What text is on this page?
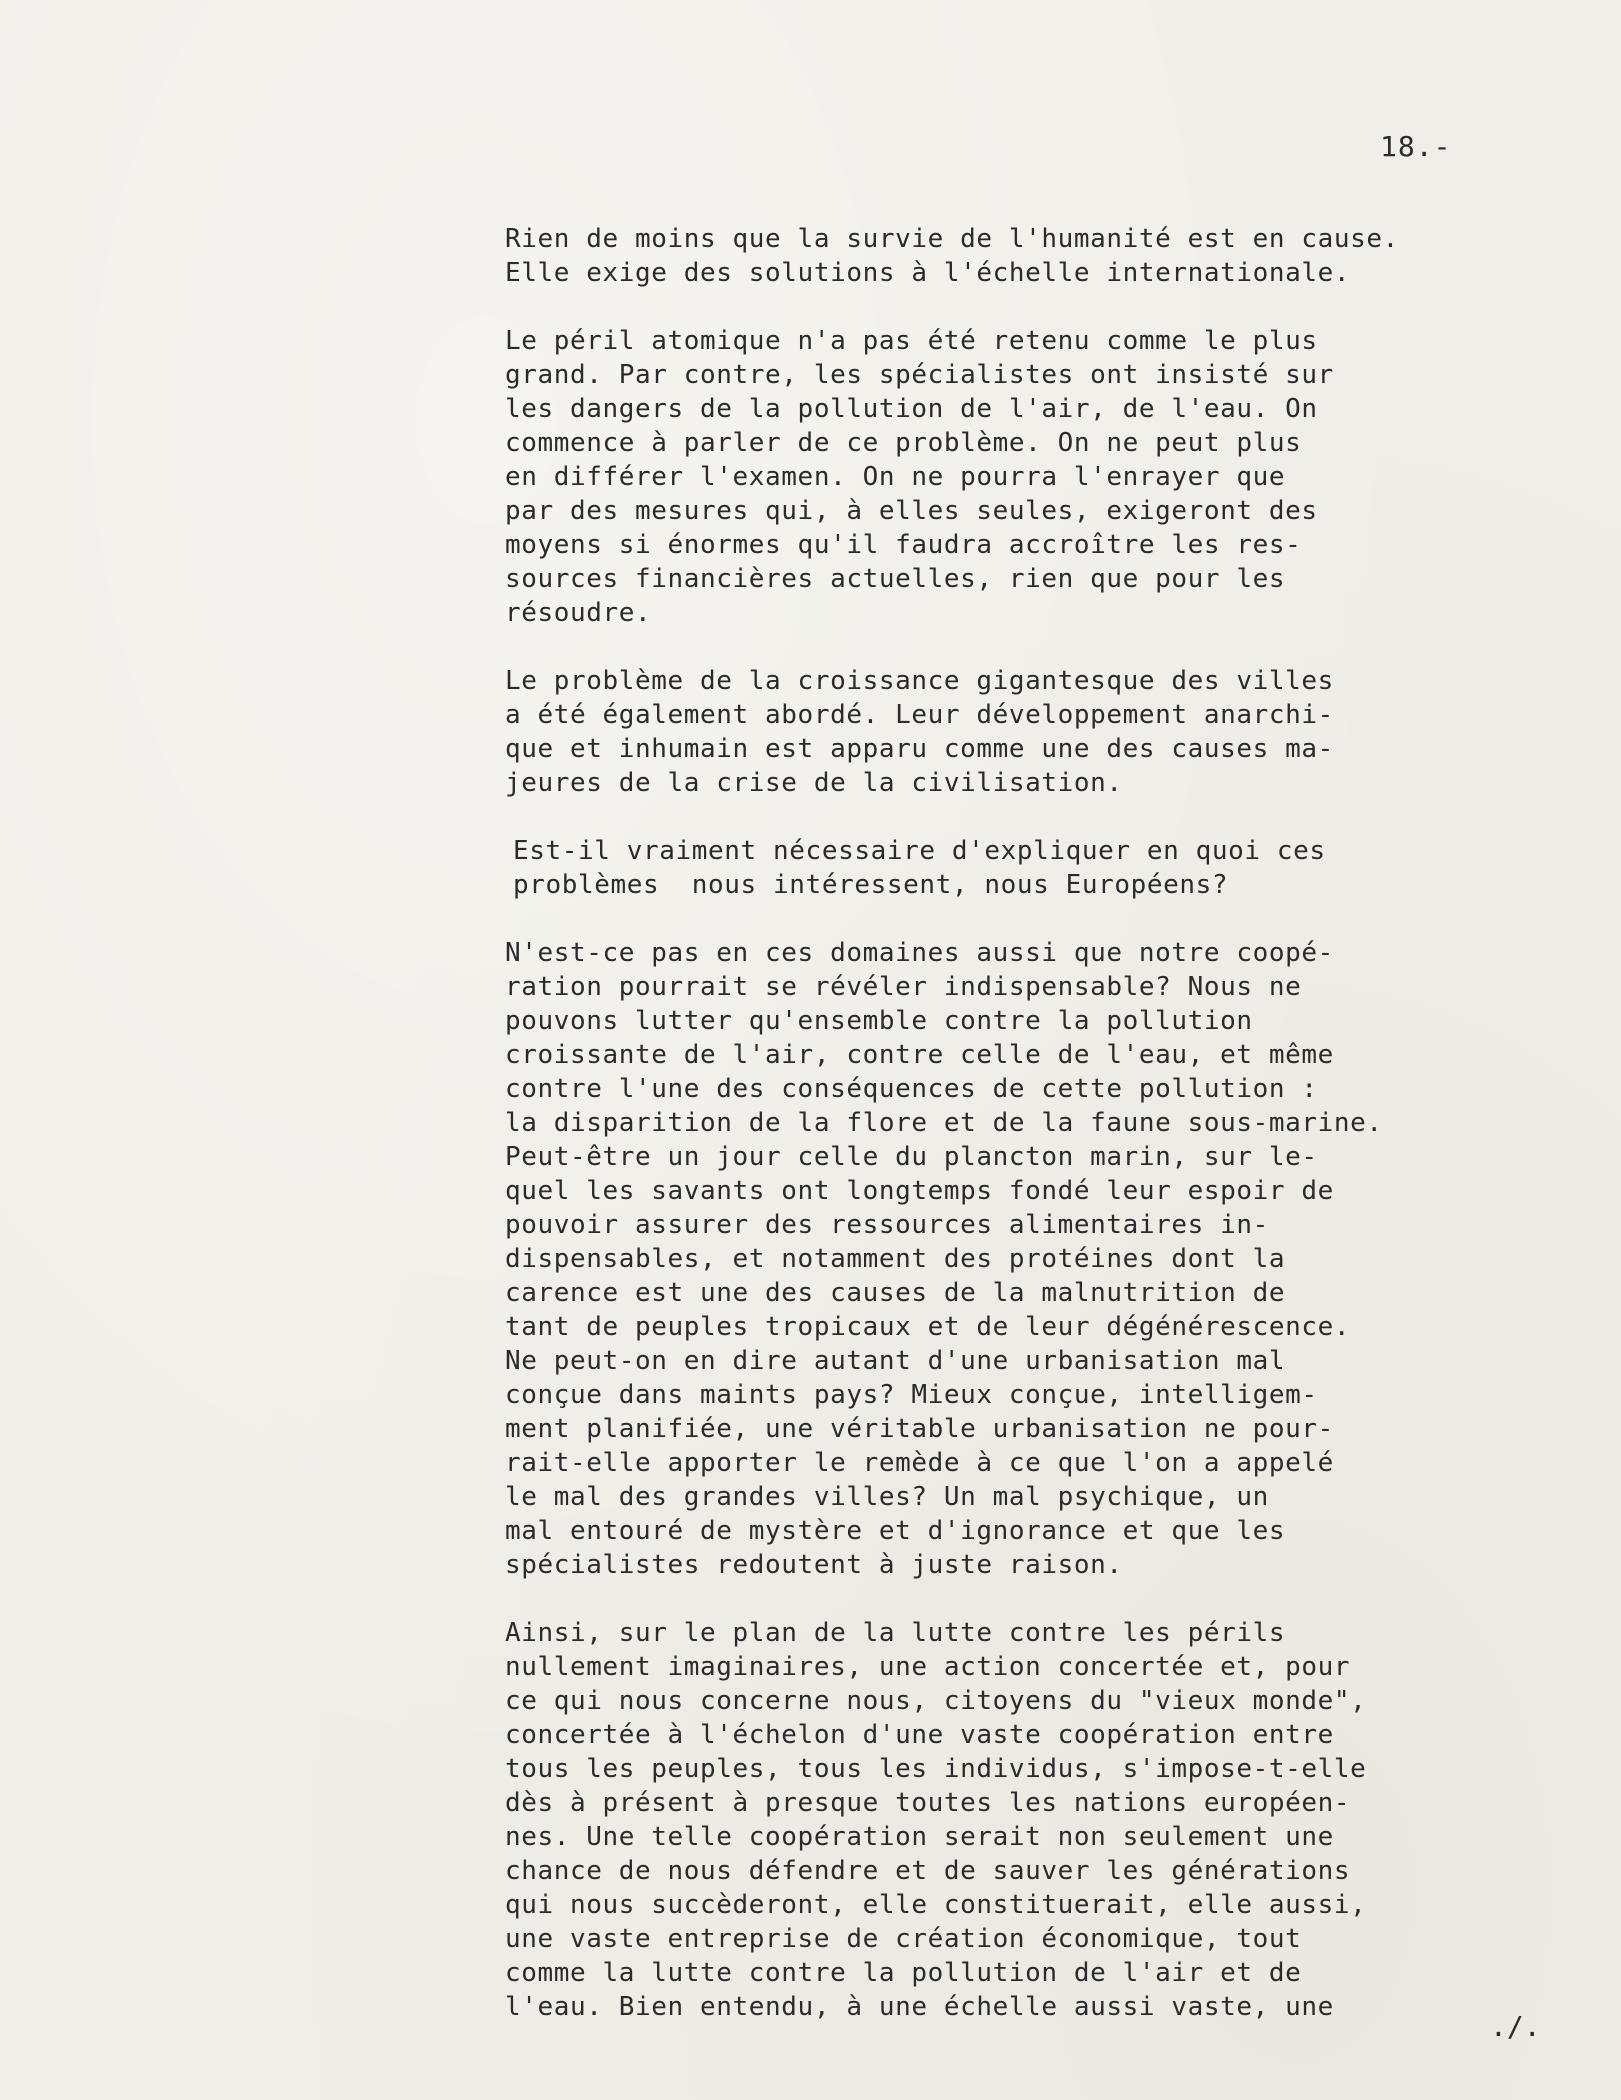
18.-
Rien de moins que la survie de l'humanité est en cause.
Elle exige des solutions à l'échelle internationale.
Le péril atomique n'a pas été retenu comme le plus
grand. Par contre, les spécialistes ont insisté sur
les dangers de la pollution de l'air, de l'eau. On
commence à parler de ce problème. On ne peut plus
en différer l'examen. On ne pourra l'enrayer que
par des mesures qui, à elles seules, exigeront des
moyens si énormes qu'il faudra accroître les res-
sources financières actuelles, rien que pour les
résoudre.
Le problème de la croissance gigantesque des villes
a été également abordé. Leur développement anarchi-
que et inhumain est apparu comme une des causes ma-
jeures de la crise de la civilisation.
Est-il vraiment nécessaire d'expliquer en quoi ces
problèmes  nous intéressent, nous Européens?
N'est-ce pas en ces domaines aussi que notre coopé-
ration pourrait se révéler indispensable? Nous ne
pouvons lutter qu'ensemble contre la pollution
croissante de l'air, contre celle de l'eau, et même
contre l'une des conséquences de cette pollution :
la disparition de la flore et de la faune sous-marine.
Peut-être un jour celle du plancton marin, sur le-
quel les savants ont longtemps fondé leur espoir de
pouvoir assurer des ressources alimentaires in-
dispensables, et notamment des protéines dont la
carence est une des causes de la malnutrition de
tant de peuples tropicaux et de leur dégénérescence.
Ne peut-on en dire autant d'une urbanisation mal
conçue dans maints pays? Mieux conçue, intelligem-
ment planifiée, une véritable urbanisation ne pour-
rait-elle apporter le remède à ce que l'on a appelé
le mal des grandes villes? Un mal psychique, un
mal entouré de mystère et d'ignorance et que les
spécialistes redoutent à juste raison.
Ainsi, sur le plan de la lutte contre les périls
nullement imaginaires, une action concertée et, pour
ce qui nous concerne nous, citoyens du "vieux monde",
concertée à l'échelon d'une vaste coopération entre
tous les peuples, tous les individus, s'impose-t-elle
dès à présent à presque toutes les nations européen-
nes. Une telle coopération serait non seulement une
chance de nous défendre et de sauver les générations
qui nous succèderont, elle constituerait, elle aussi,
une vaste entreprise de création économique, tout
comme la lutte contre la pollution de l'air et de
l'eau. Bien entendu, à une échelle aussi vaste, une
./.
